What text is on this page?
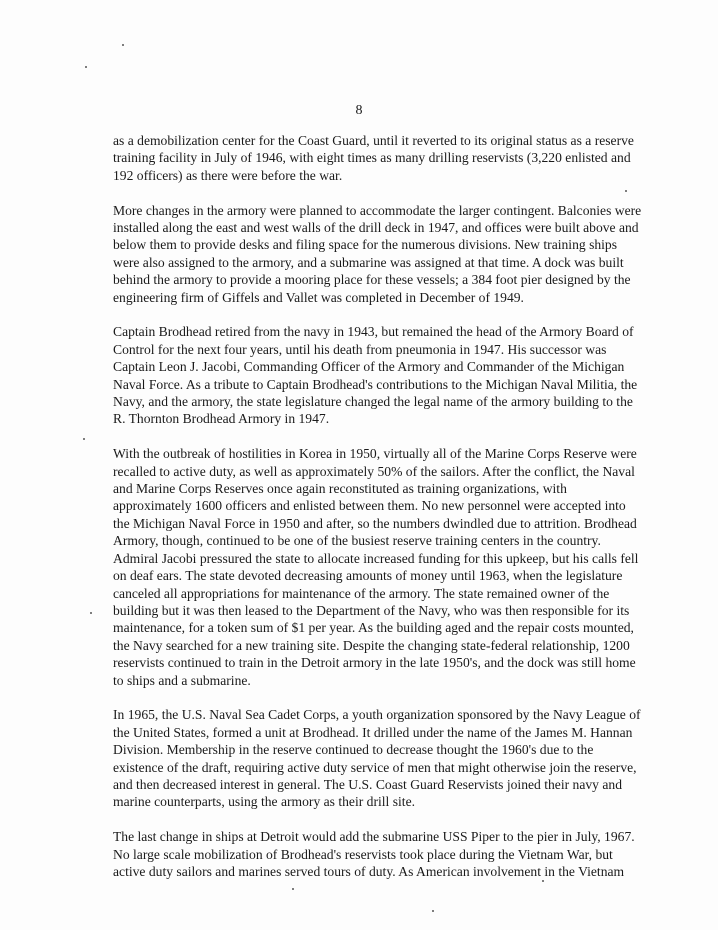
8

as a demobilization center for the Coast Guard, until it reverted to its original status as a reserve
training facility in July of 1946, with eight times as many drilling reservists (3,220 enlisted and
192 officers) as there were before the war.

More changes in the armory were planned to accommodate the larger contingent. Balconies were
installed along the east and west walls of the drill deck in 1947, and offices were built above and
below them to provide desks and filing space for the numerous divisions. New training ships
were also assigned to the armory, and a submarine was assigned at that time. A dock was built
behind the armory to provide a mooring place for these vessels; a 384 foot pier designed by the
engineering firm of Giffels and Vallet was completed in December of 1949.

Captain Brodhead retired from the navy in 1943, but remained the head of the Armory Board of
Control for the next four years, until his death from pneumonia in 1947. His successor was
Captain Leon J. Jacobi, Commanding Officer of the Armory and Commander of the Michigan
Naval Force. As a tribute to Captain Brodhead's contributions to the Michigan Naval Militia, the
Navy, and the armory, the state legislature changed the legal name of the armory building to the
R. Thornton Brodhead Armory in 1947.

With the outbreak of hostilities in Korea in 1950, virtually all of the Marine Corps Reserve were
recalled to active duty, as well as approximately 50% of the sailors. After the conflict, the Naval
and Marine Corps Reserves once again reconstituted as training organizations, with
approximately 1600 officers and enlisted between them. No new personnel were accepted into
the Michigan Naval Force in 1950 and after, so the numbers dwindled due to attrition. Brodhead
Armory, though, continued to be one of the busiest reserve training centers in the country.
Admiral Jacobi pressured the state to allocate increased funding for this upkeep, but his calls fell
on deaf ears. The state devoted decreasing amounts of money until 1963, when the legislature
canceled all appropriations for maintenance of the armory. The state remained owner of the
building but it was then leased to the Department of the Navy, who was then responsible for its
maintenance, for a token sum of $1 per year. As the building aged and the repair costs mounted,
the Navy searched for a new training site. Despite the changing state-federal relationship, 1200
reservists continued to train in the Detroit armory in the late 1950's, and the dock was still home
to ships and a submarine.

In 1965, the U.S. Naval Sea Cadet Corps, a youth organization sponsored by the Navy League of
the United States, formed a unit at Brodhead. It drilled under the name of the James M. Hannan
Division. Membership in the reserve continued to decrease thought the 1960's due to the
existence of the draft, requiring active duty service of men that might otherwise join the reserve,
and then decreased interest in general. The U.S. Coast Guard Reservists joined their navy and
marine counterparts, using the armory as their drill site.

The last change in ships at Detroit would add the submarine USS Piper to the pier in July, 1967.
No large scale mobilization of Brodhead's reservists took place during the Vietnam War, but
active duty sailors and marines served tours of duty. As American involvement in the Vietnam
